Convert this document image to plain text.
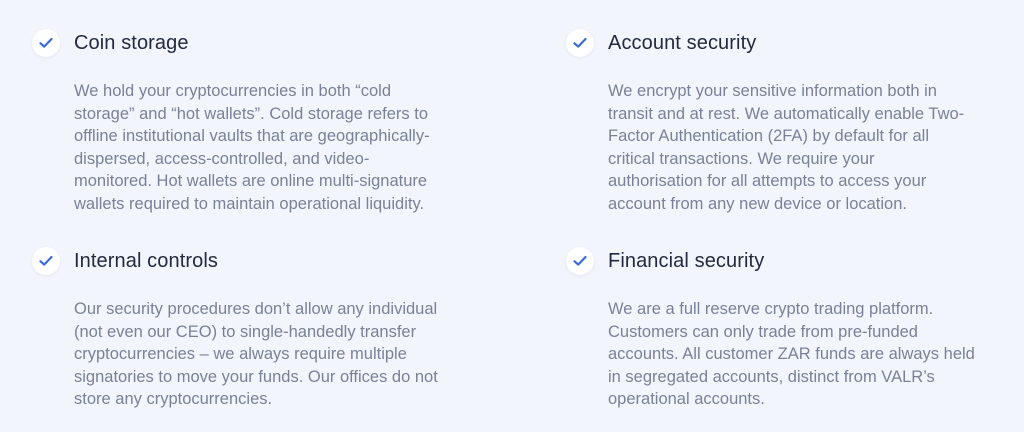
Coin storage

We hold your cryptocurrencies in both “cold
storage” and “hot wallets”. Cold storage refers to
offline institutional vaults that are geographically-
dispersed, access-controlled, and video-
monitored. Hot wallets are online multi-signature
wallets required to maintain operational liquidity.

Account security

We encrypt your sensitive information both in
transit and at rest. We automatically enable Two-
Factor Authentication (2FA) by default for all
critical transactions. We require your
authorisation for all attempts to access your
account from any new device or location.

Internal controls

Our security procedures don’t allow any individual
(not even our CEO) to single-handedly transfer
cryptocurrencies – we always require multiple
signatories to move your funds. Our offices do not
store any cryptocurrencies.

Financial security

We are a full reserve crypto trading platform.
Customers can only trade from pre-funded
accounts. All customer ZAR funds are always held
in segregated accounts, distinct from VALR’s
operational accounts.
